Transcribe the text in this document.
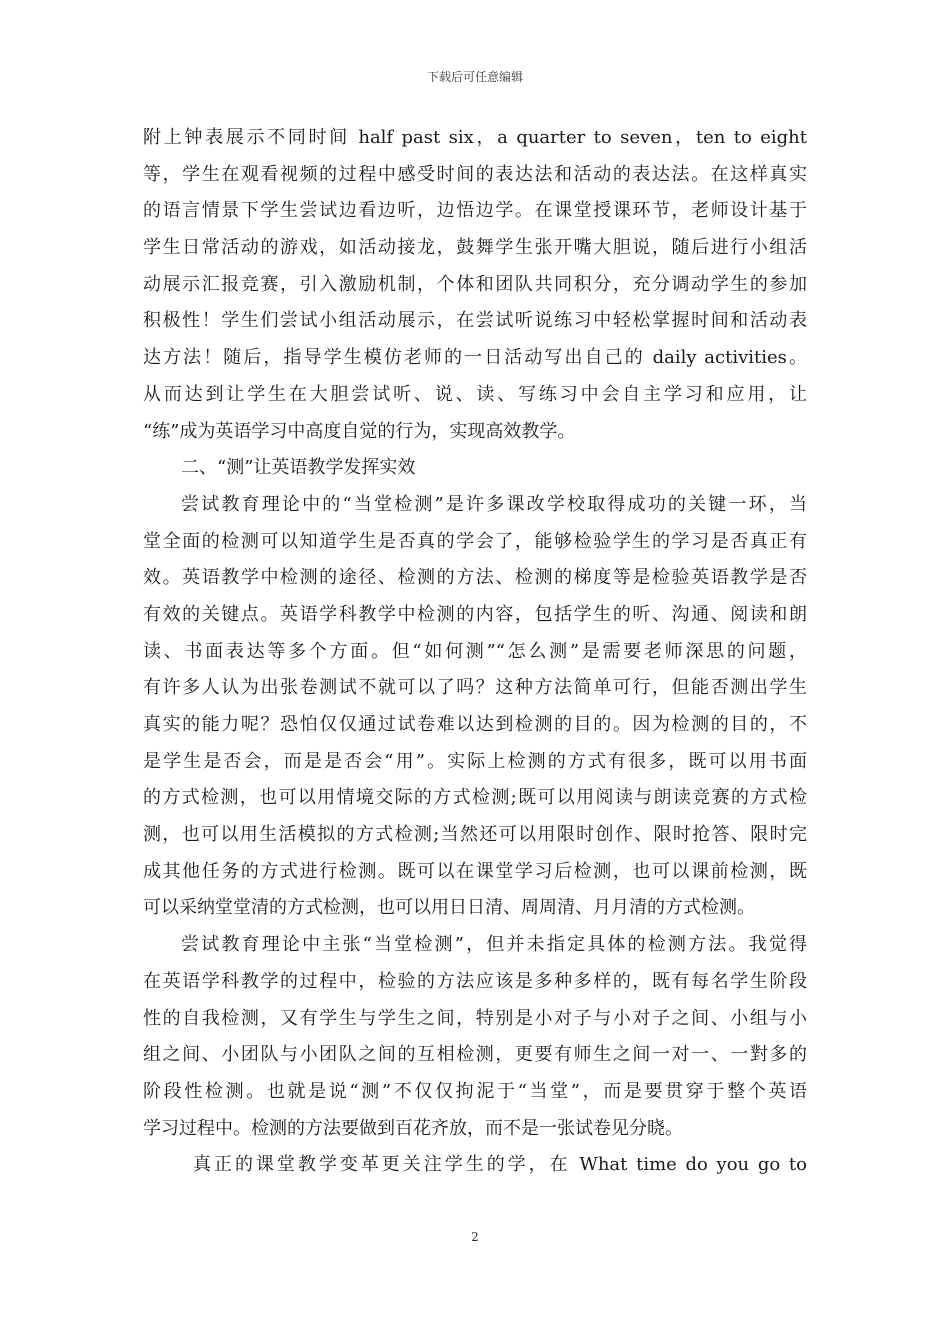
下载后可任意编辑
附上钟表展示不同时间 half past six，a quarter to seven，ten to eight
等，学生在观看视频的过程中感受时间的表达法和活动的表达法。在这样真实
的语言情景下学生尝试边看边听，边悟边学。在课堂授课环节，老师设计基于
学生日常活动的游戏，如活动接龙，鼓舞学生张开嘴大胆说，随后进行小组活
动展示汇报竞赛，引入激励机制，个体和团队共同积分，充分调动学生的参加
积极性！学生们尝试小组活动展示，在尝试听说练习中轻松掌握时间和活动表
达方法！随后，指导学生模仿老师的一日活动写出自己的 daily activities。
从而达到让学生在大胆尝试听、说、读、写练习中会自主学习和应用，让
“练”成为英语学习中高度自觉的行为，实现高效教学。
二、“测”让英语教学发挥实效
尝试教育理论中的“当堂检测”是许多课改学校取得成功的关键一环，当
堂全面的检测可以知道学生是否真的学会了，能够检验学生的学习是否真正有
效。英语教学中检测的途径、检测的方法、检测的梯度等是检验英语教学是否
有效的关键点。英语学科教学中检测的内容，包括学生的听、沟通、阅读和朗
读、书面表达等多个方面。但“如何测”“怎么测”是需要老师深思的问题，
有许多人认为出张卷测试不就可以了吗？这种方法简单可行，但能否测出学生
真实的能力呢？恐怕仅仅通过试卷难以达到检测的目的。因为检测的目的，不
是学生是否会，而是是否会“用”。实际上检测的方式有很多，既可以用书面
的方式检测，也可以用情境交际的方式检测;既可以用阅读与朗读竞赛的方式检
测，也可以用生活模拟的方式检测;当然还可以用限时创作、限时抢答、限时完
成其他任务的方式进行检测。既可以在课堂学习后检测，也可以课前检测，既
可以采纳堂堂清的方式检测，也可以用日日清、周周清、月月清的方式检测。
尝试教育理论中主张“当堂检测”，但并未指定具体的检测方法。我觉得
在英语学科教学的过程中，检验的方法应该是多种多样的，既有每名学生阶段
性的自我检测，又有学生与学生之间，特别是小对子与小对子之间、小组与小
组之间、小团队与小团队之间的互相检测，更要有师生之间一对一、一對多的
阶段性检测。也就是说“测”不仅仅拘泥于“当堂”，而是要贯穿于整个英语
学习过程中。检测的方法要做到百花齐放，而不是一张试卷见分晓。
真正的课堂教学变革更关注学生的学，在 What time do you go to
2
